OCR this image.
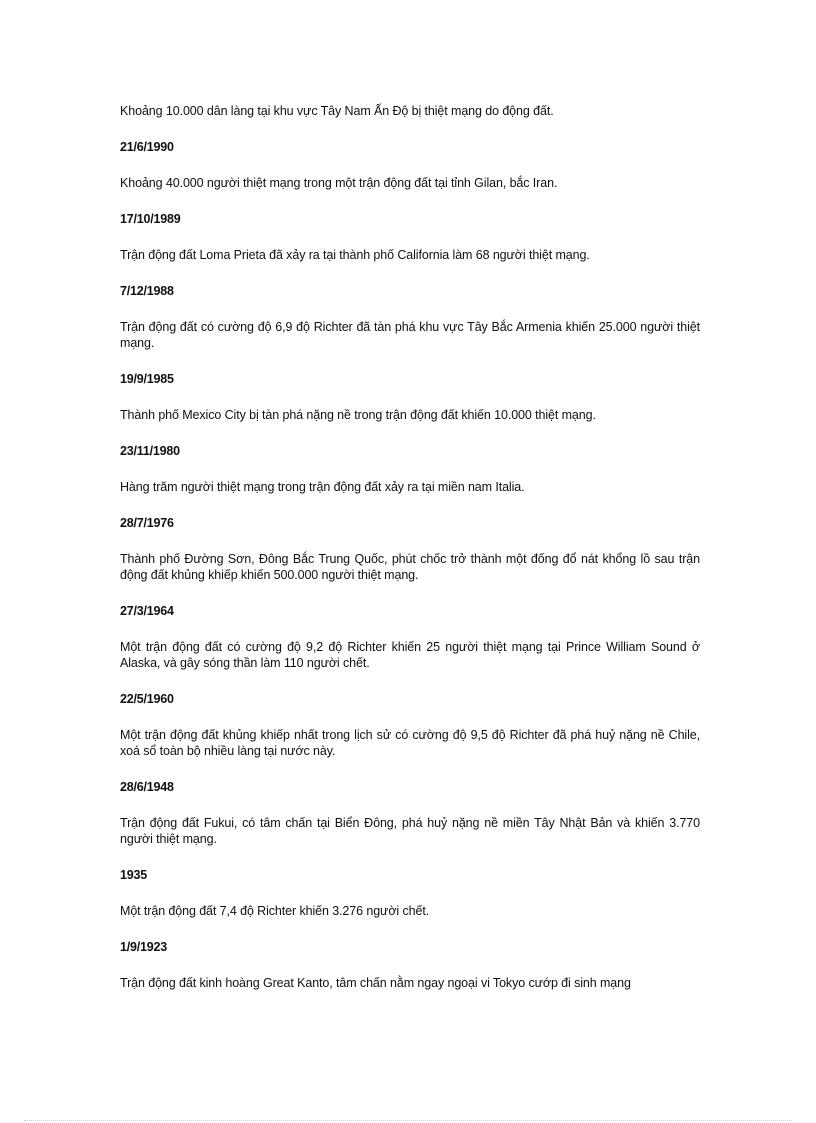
Khoảng 10.000 dân làng tại khu vực Tây Nam Ấn Độ bị thiệt mạng do động đất.

21/6/1990

Khoảng 40.000 người thiệt mạng trong một trận động đất tại tỉnh Gilan, bắc Iran.

17/10/1989

Trận động đất Loma Prieta đã xảy ra tại thành phố California làm 68 người thiệt mạng.

7/12/1988

Trận động đất có cường độ 6,9 độ Richter đã tàn phá khu vực Tây Bắc Armenia khiến 25.000 người thiệt mạng.

19/9/1985

Thành phố Mexico City bị tàn phá nặng nề trong trận động đất khiến 10.000 thiệt mạng.

23/11/1980

Hàng trăm người thiệt mạng trong trận động đất xảy ra tại miền nam Italia.

28/7/1976

Thành phố Đường Sơn, Đông Bắc Trung Quốc, phút chốc trở thành một đống đổ nát khổng lồ sau trận động đất khủng khiếp khiến 500.000 người thiệt mạng.

27/3/1964

Một trận động đất có cường độ 9,2 độ Richter khiến 25 người thiệt mạng tại Prince William Sound ở Alaska, và gây sóng thần làm 110 người chết.

22/5/1960

Một trận động đất khủng khiếp nhất trong lịch sử có cường độ 9,5 độ Richter đã phá huỷ nặng nề Chile, xoá sổ toàn bộ nhiều làng tại nước này.

28/6/1948

Trận động đất Fukui, có tâm chấn tại Biển Đông, phá huỷ nặng nề miền Tây Nhật Bản và khiến 3.770 người thiệt mạng.

1935

Một trận động đất 7,4 độ Richter khiến 3.276 người chết.

1/9/1923

Trận động đất kinh hoàng Great Kanto, tâm chấn nằm ngay ngoại vi Tokyo cướp đi sinh mạng
